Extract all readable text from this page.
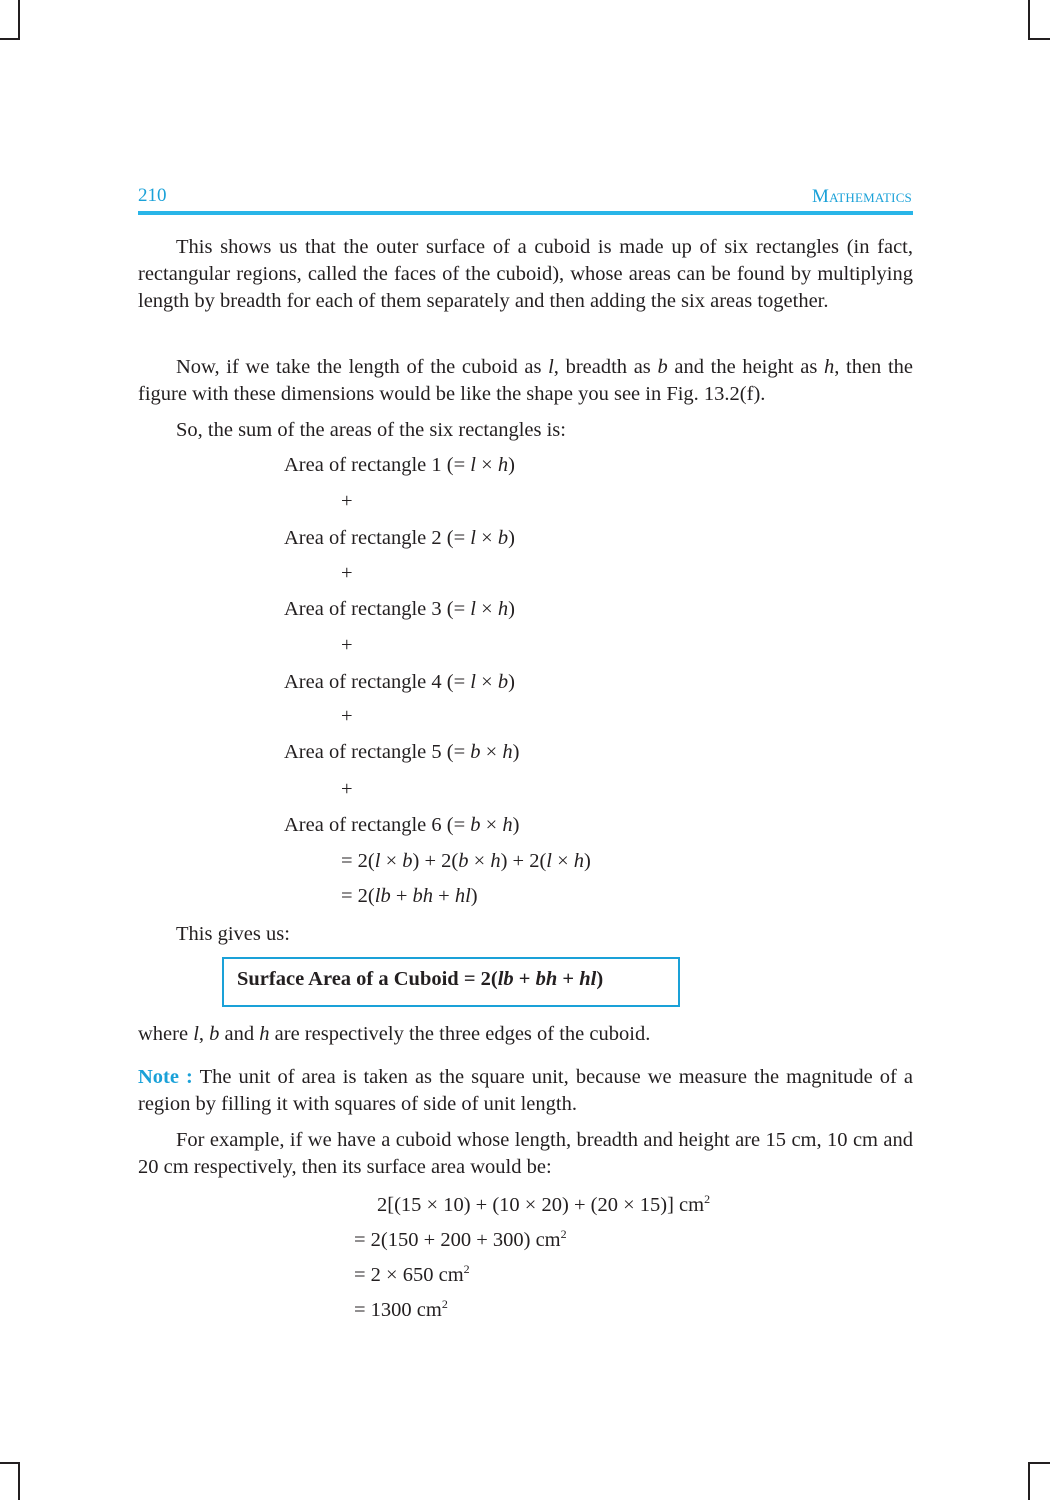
210	Mathematics
This shows us that the outer surface of a cuboid is made up of six rectangles (in fact, rectangular regions, called the faces of the cuboid), whose areas can be found by multiplying length by breadth for each of them separately and then adding the six areas together.
Now, if we take the length of the cuboid as l, breadth as b and the height as h, then the figure with these dimensions would be like the shape you see in Fig. 13.2(f).
So, the sum of the areas of the six rectangles is:
Area of rectangle 1 (= l × h)
+
Area of rectangle 2 (= l × b)
+
Area of rectangle 3 (= l × h)
+
Area of rectangle 4 (= l × b)
+
Area of rectangle 5 (= b × h)
+
Area of rectangle 6 (= b × h)
= 2(l × b) + 2(b × h) + 2(l × h)
= 2(lb + bh + hl)
This gives us:
Surface Area of a Cuboid = 2(lb + bh + hl)
where l, b and h are respectively the three edges of the cuboid.
Note : The unit of area is taken as the square unit, because we measure the magnitude of a region by filling it with squares of side of unit length.
For example, if we have a cuboid whose length, breadth and height are 15 cm, 10 cm and 20 cm respectively, then its surface area would be:
2[(15 × 10) + (10 × 20) + (20 × 15)] $cm^2$
= 2(150 + 200 + 300) $cm^2$
= 2 × 650 $cm^2$
= 1300 $cm^2$
